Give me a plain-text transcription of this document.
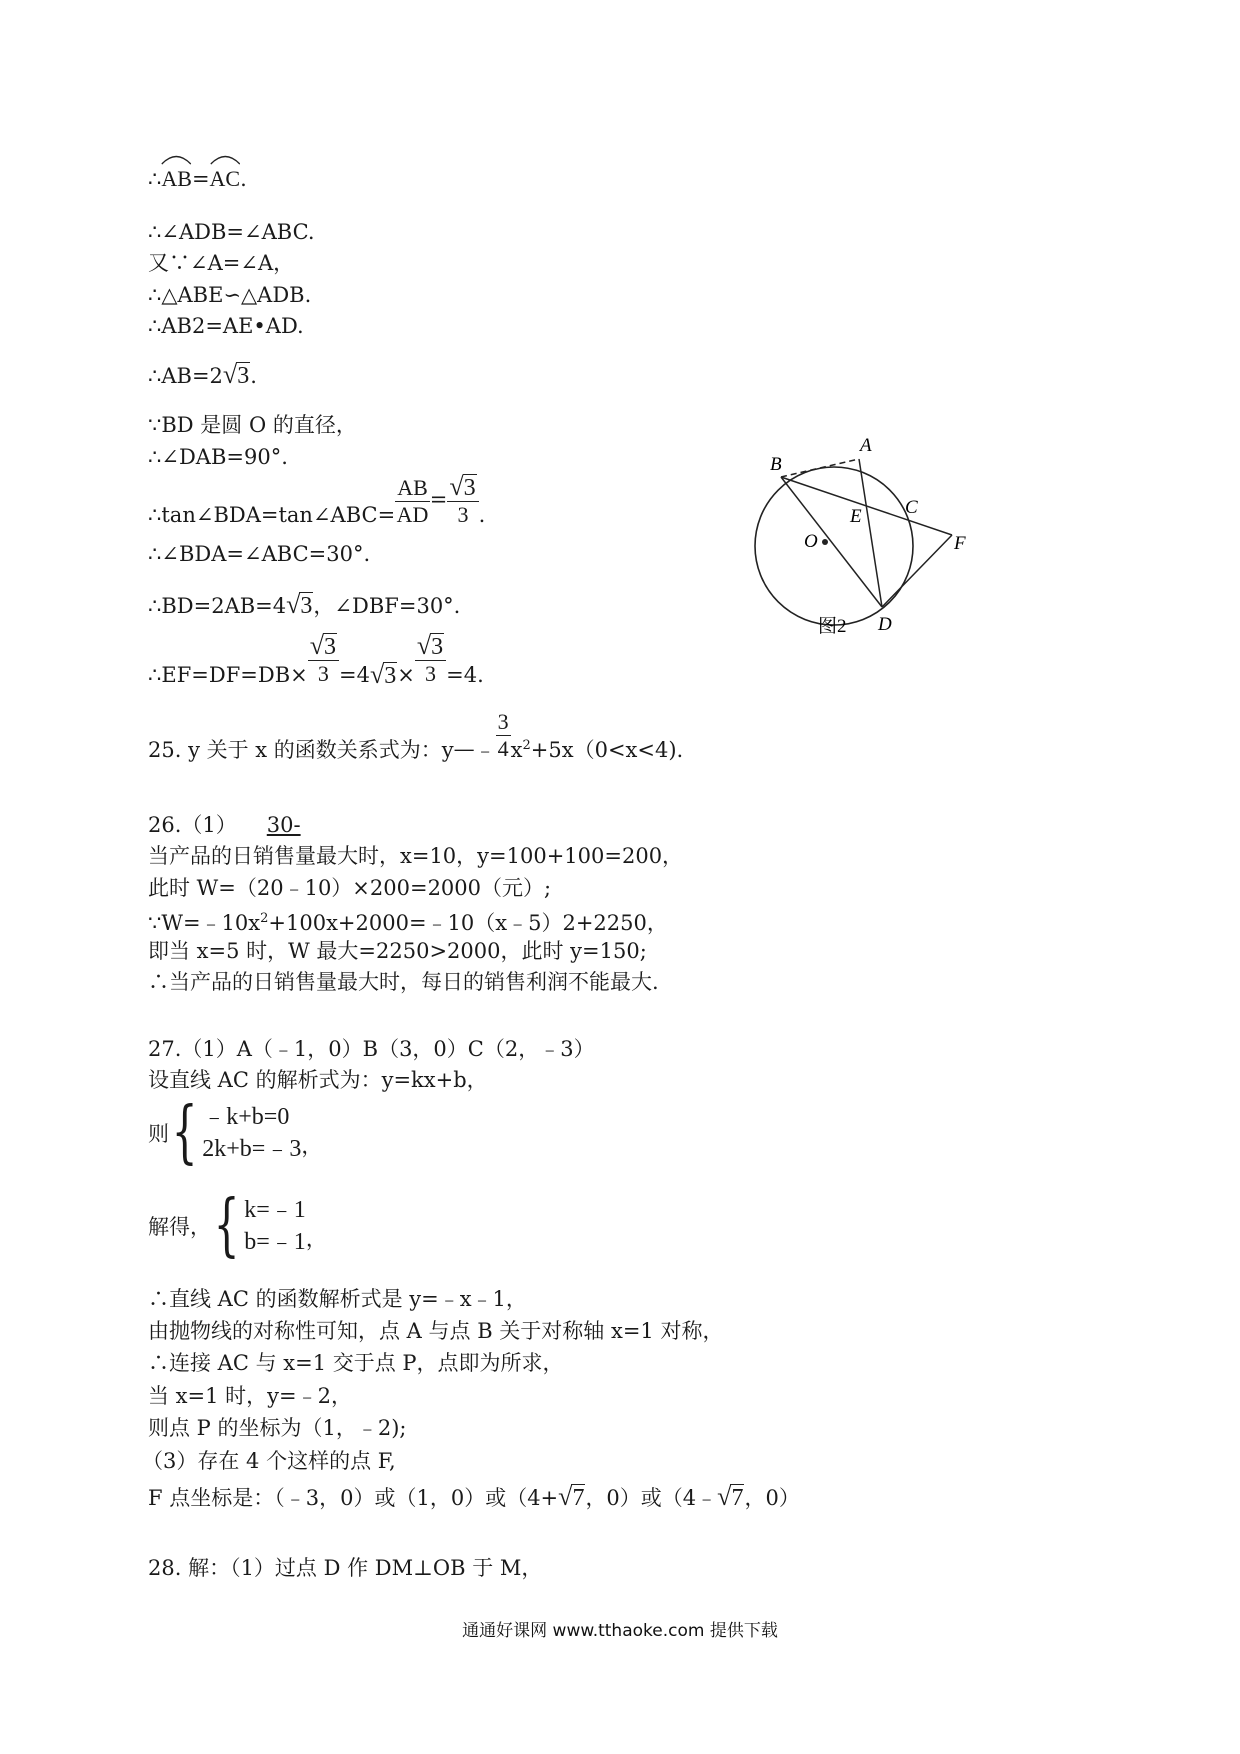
∴
AB=
AC.
∴∠ADB=∠ABC.
又∵∠A=∠A，
∴△ABE∽△ADB.
∴AB2=AE•AD.
∴AB=2√3.
∵BD 是圆 O 的直径，
∴∠DAB=90°.
∴tan∠BDA=tan∠ABC= $\frac{AB}{AD} = \frac{√3}{3}$ .
∴∠BDA=∠ABC=30°.
∴BD=2AB=4√3，∠DBF=30°.
∴EF=DF=DB× $\frac{√3}{3} =4√3\times \frac{√3}{3} =4$.
25. y 关于 x 的函数关系式为：y—﹣ $\frac{3}{4} x^2+5x(0<x<4)$.
26.（1） 30-
当产品的日销售量最大时，x=10，y=100+100=200，
此时 W=（20﹣10）×200=2000（元）;
$\because W=﹣10x^2+100x+2000=﹣10(x﹣5)2+2250$，
即当 x=5 时，W 最大=2250>2000，此时 y=150;
∴当产品的日销售量最大时，每日的销售利润不能最大.
27.（1）A（﹣1，0）B（3，0）C（2，﹣3）
设直线 AC 的解析式为：y=kx+b，
则 { ﹣k+b=0
2k+b=﹣3 ，
解得， { k=﹣1
b=﹣1 ，
∴直线 AC 的函数解析式是 y=﹣x﹣1，
由抛物线的对称性可知，点 A 与点 B 关于对称轴 x=1 对称，
∴连接 AC 与 x=1 交于点 P，点即为所求，
当 x=1 时，y=﹣2，
则点 P 的坐标为（1，﹣2);
（3）存在 4 个这样的点 F,
F 点坐标是：（﹣3，0）或（1，0）或（4+√7，0）或（4﹣√7，0）
28. 解：（1）过点 D 作 DM⊥OB 于 M，
B
A
C
E
O	F
D
图2
通通好课网 www.tthaoke.com 提供下载
